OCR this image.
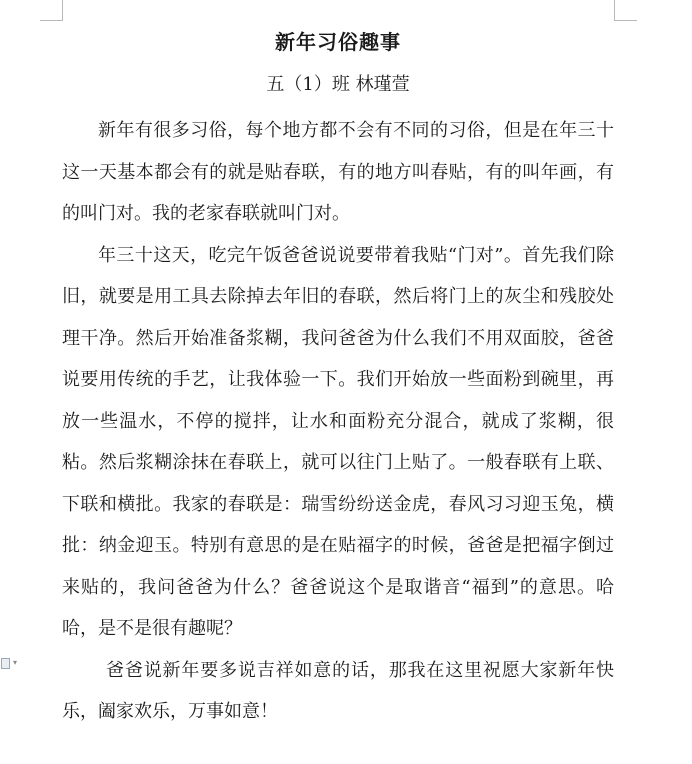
▾
新年习俗趣事
五（1）班 林瑾萱

新年有很多习俗，每个地方都不会有不同的习俗，但是在年三十这一天基本都会有的就是贴春联，有的地方叫春贴，有的叫年画，有的叫门对。我的老家春联就叫门对。

年三十这天，吃完午饭爸爸说说要带着我贴“门对”。首先我们除旧，就要是用工具去除掉去年旧的春联，然后将门上的灰尘和残胶处理干净。然后开始准备浆糊，我问爸爸为什么我们不用双面胶，爸爸说要用传统的手艺，让我体验一下。我们开始放一些面粉到碗里，再放一些温水，不停的搅拌，让水和面粉充分混合，就成了浆糊，很粘。然后浆糊涂抹在春联上，就可以往门上贴了。一般春联有上联、下联和横批。我家的春联是：瑞雪纷纷送金虎，春风习习迎玉兔，横批：纳金迎玉。特别有意思的是在贴福字的时候，爸爸是把福字倒过来贴的，我问爸爸为什么？爸爸说这个是取谐音“福到”的意思。哈哈，是不是很有趣呢？

爸爸说新年要多说吉祥如意的话，那我在这里祝愿大家新年快乐，阖家欢乐，万事如意！
